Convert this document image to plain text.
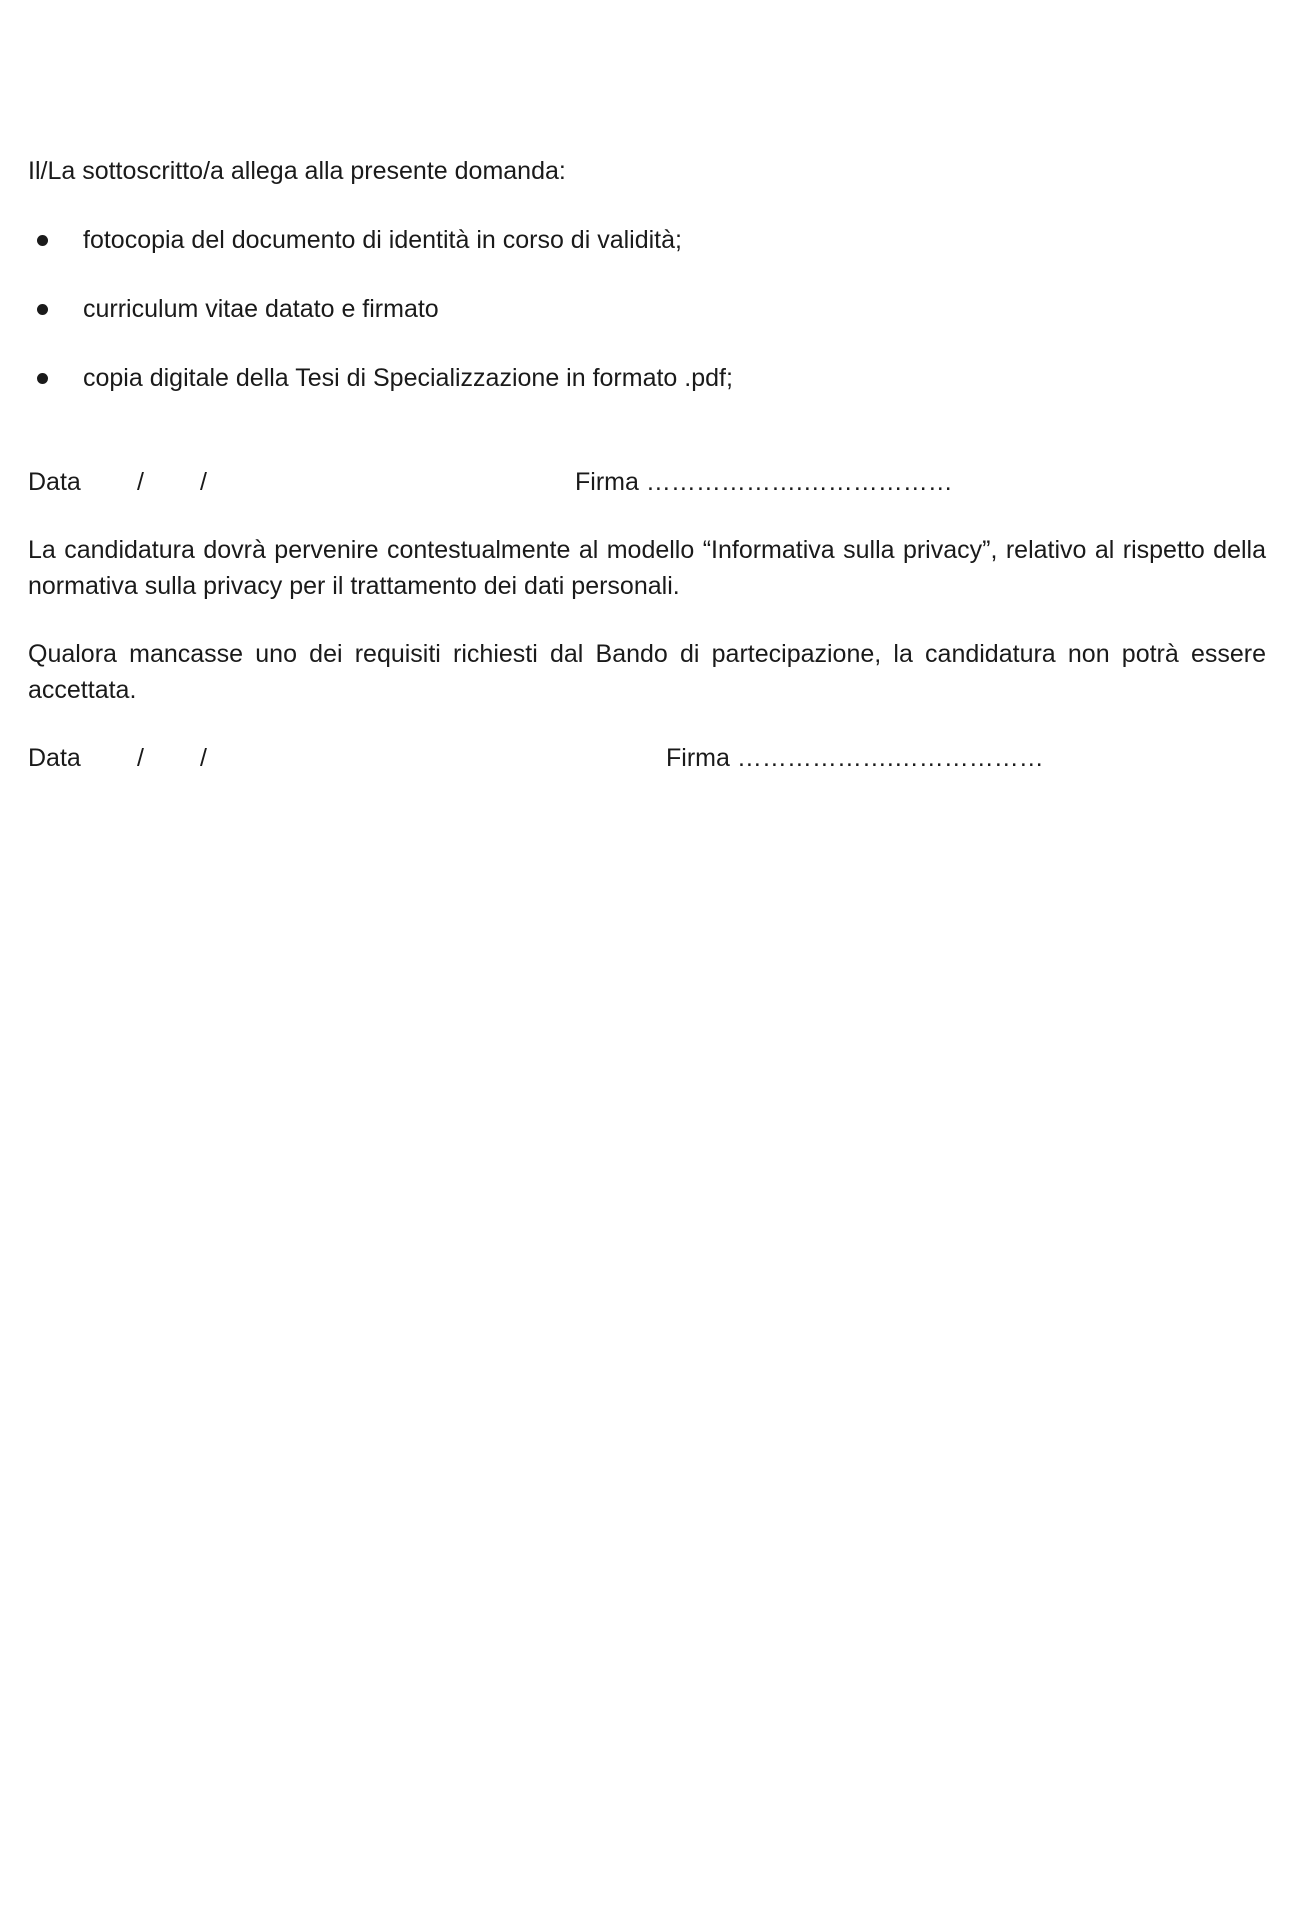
Il/La sottoscritto/a allega alla presente domanda:
fotocopia del documento di identità in corso di validità;
curriculum vitae datato e firmato
copia digitale della Tesi di Specializzazione in formato .pdf;
Data / /	Firma ……………….………………
La candidatura dovrà pervenire contestualmente al modello “Informativa sulla privacy”, relativo al rispetto della normativa sulla privacy per il trattamento dei dati personali.
Qualora mancasse uno dei requisiti richiesti dal Bando di partecipazione, la candidatura non potrà essere accettata.
Data / /	Firma ……………….………………
